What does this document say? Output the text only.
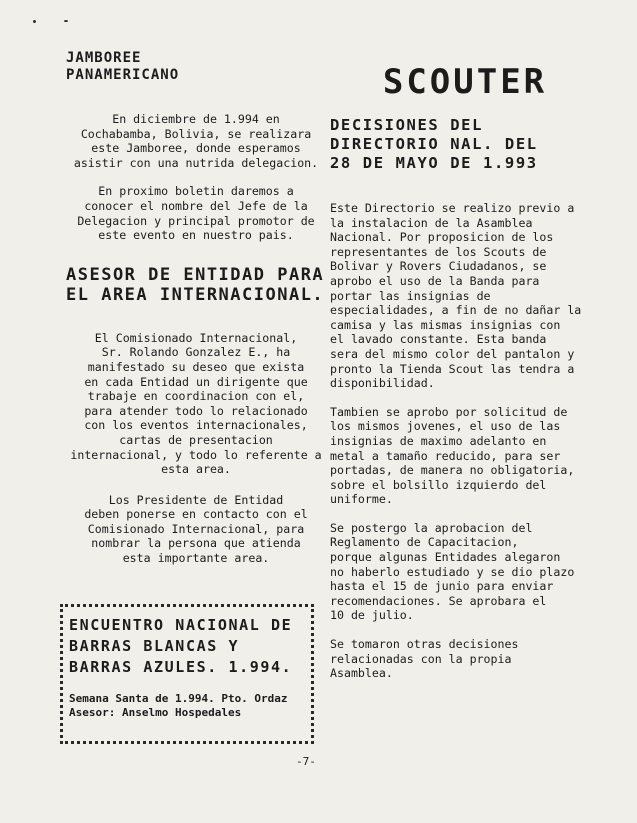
JAMBOREE
PANAMERICANO

En diciembre de 1.994 en
Cochabamba, Bolivia, se realizara
este Jamboree, donde esperamos
asistir con una nutrida delegacion.

En proximo boletin daremos a
conocer el nombre del Jefe de la
Delegacion y principal promotor de
este evento en nuestro pais.

ASESOR DE ENTIDAD PARA
EL AREA INTERNACIONAL.

El Comisionado Internacional,
Sr. Rolando Gonzalez E., ha
manifestado su deseo que exista
en cada Entidad un dirigente que
trabaje en coordinacion con el,
para atender todo lo relacionado
con los eventos internacionales,
cartas de presentacion
internacional, y todo lo referente a
esta area.

Los Presidente de Entidad
deben ponerse en contacto con el
Comisionado Internacional, para
nombrar la persona que atienda
esta importante area.

ENCUENTRO NACIONAL DE
BARRAS BLANCAS Y
BARRAS AZULES. 1.994.
Semana Santa de 1.994. Pto. Ordaz
Asesor: Anselmo Hospedales
SCOUTER
DECISIONES DEL
DIRECTORIO NAL. DEL
28 DE MAYO DE 1.993

Este Directorio se realizo previo a
la instalacion de la Asamblea
Nacional. Por proposicion de los
representantes de los Scouts de
Bolivar y Rovers Ciudadanos, se
aprobo el uso de la Banda para
portar las insignias de
especialidades, a fin de no dañar la
camisa y las mismas insignias con
el lavado constante. Esta banda
sera del mismo color del pantalon y
pronto la Tienda Scout las tendra a
disponibilidad.

Tambien se aprobo por solicitud de
los mismos jovenes, el uso de las
insignias de maximo adelanto en
metal a tamaño reducido, para ser
portadas, de manera no obligatoria,
sobre el bolsillo izquierdo del
uniforme.

Se postergo la aprobacion del
Reglamento de Capacitacion,
porque algunas Entidades alegaron
no haberlo estudiado y se dio plazo
hasta el 15 de junio para enviar
recomendaciones. Se aprobara el
10 de julio.

Se tomaron otras decisiones
relacionadas con la propia
Asamblea.

-7-
